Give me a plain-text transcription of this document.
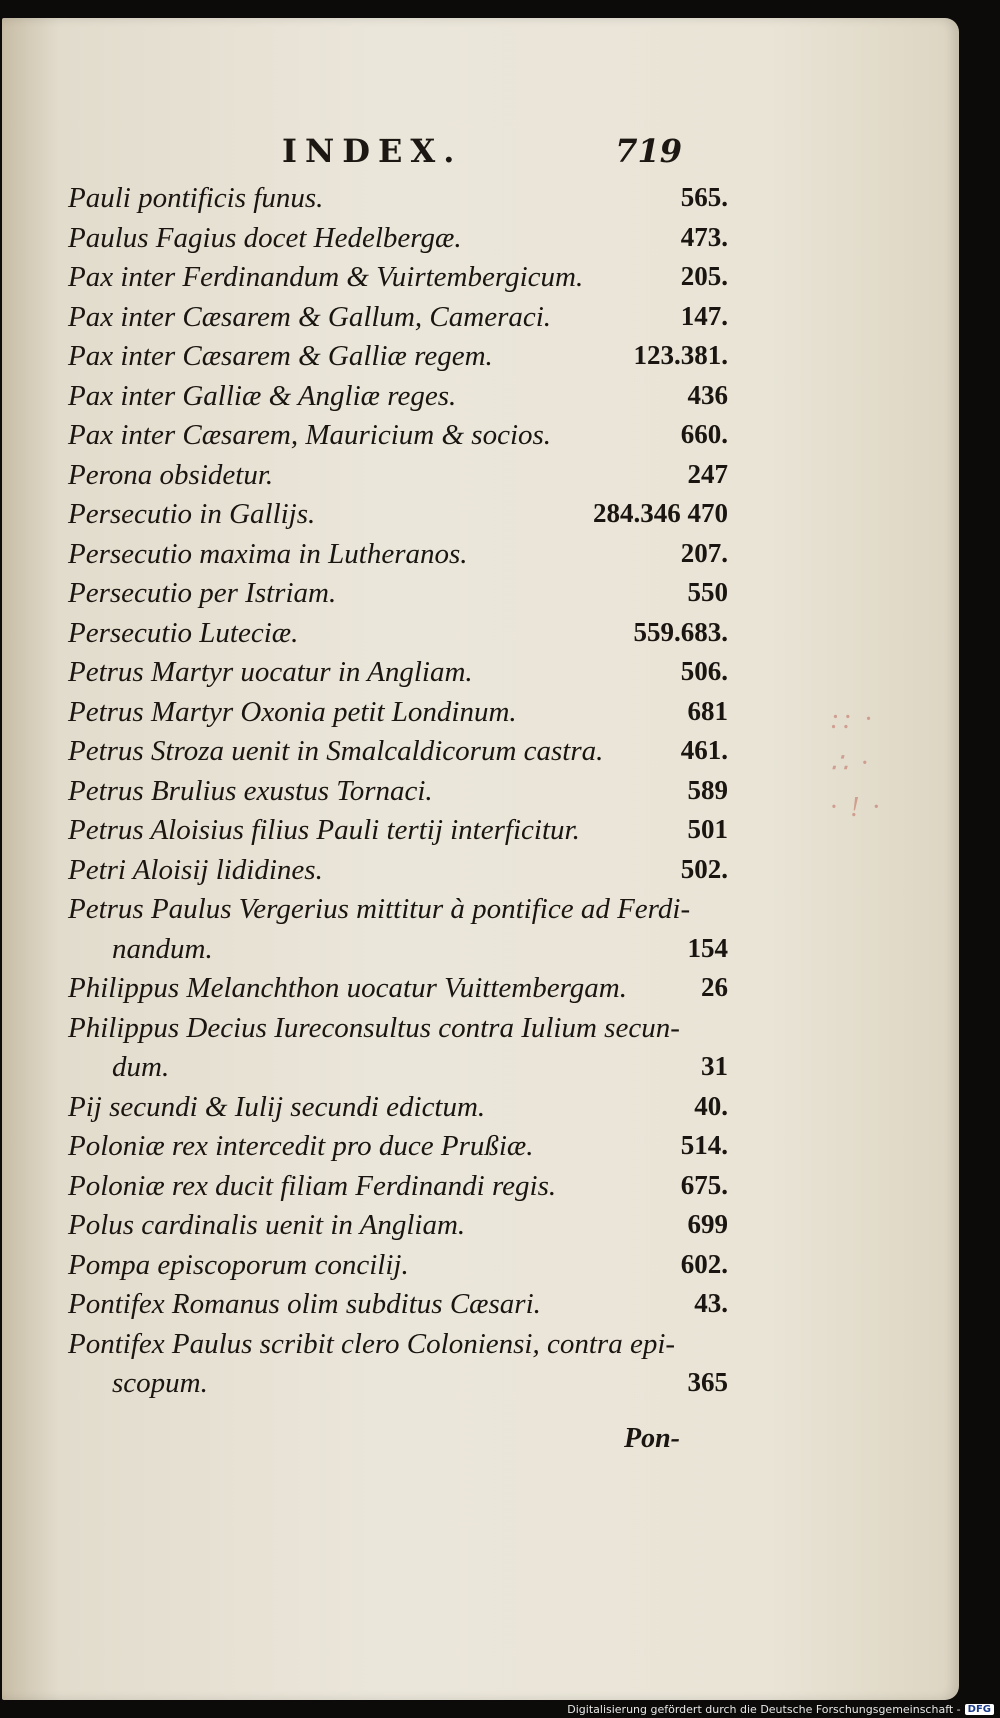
INDEX.	719
Pauli pontificis funus.	565.
Paulus Fagius docet Hedelbergæ.	473.
Pax inter Ferdinandum & Vuirtembergicum.	205.
Pax inter Cæsarem & Gallum, Cameraci.	147.
Pax inter Cæsarem & Galliæ regem.	123.381.
Pax inter Galliæ & Angliæ reges.	436
Pax inter Cæsarem, Mauricium & socios.	660.
Perona obsidetur.	247
Persecutio in Gallijs.	284.346 470
Persecutio maxima in Lutheranos.	207.
Persecutio per Istriam.	550
Persecutio Luteciæ.	559.683.
Petrus Martyr uocatur in Angliam.	506.
Petrus Martyr Oxonia petit Londinum.	681
Petrus Stroza uenit in Smalcaldicorum castra.	461.
Petrus Brulius exustus Tornaci.	589
Petrus Aloisius filius Pauli tertij interficitur.	501
Petri Aloisij lididines.	502.
Petrus Paulus Vergerius mittitur à pontifice ad Ferdi-
nandum.	154
Philippus Melanchthon uocatur Vuittembergam.	26
Philippus Decius Iureconsultus contra Iulium secun-
dum.	31
Pij secundi & Iulij secundi edictum.	40.
Poloniæ rex intercedit pro duce Prußiæ.	514.
Poloniæ rex ducit filiam Ferdinandi regis.	675.
Polus cardinalis uenit in Angliam.	699
Pompa episcoporum concilij.	602.
Pontifex Romanus olim subditus Cæsari.	43.
Pontifex Paulus scribit clero Coloniensi, contra epi-
scopum.	365
:: ·
∴ ·
· ! ·
Pon-
Digitalisierung gefördert durch die Deutsche Forschungsgemeinschaft - DFG
